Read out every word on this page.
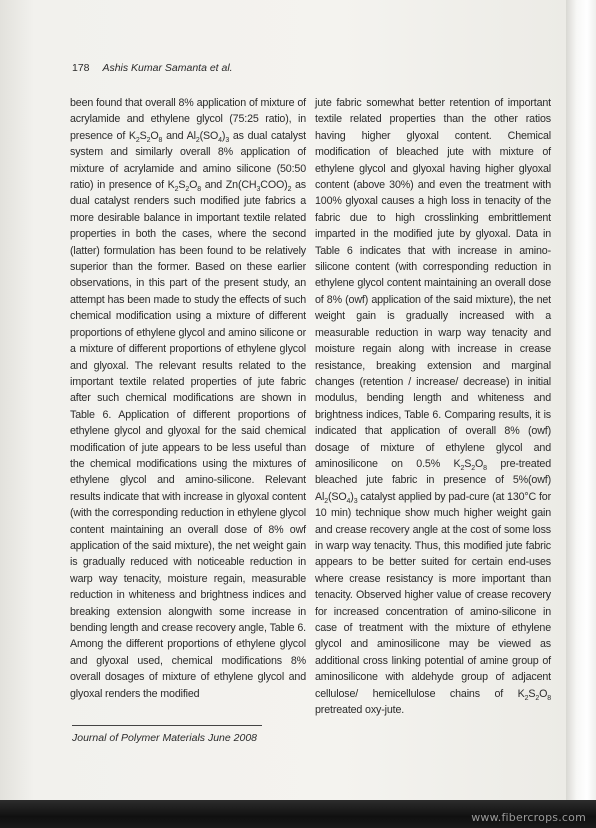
www.fibercrops.com
178 Ashis Kumar Samanta et al.
been found that overall 8% application of mixture of acrylamide and ethylene glycol (75:25 ratio), in presence of $K_2S_2O_8$ and $Al_2(SO_4)_3$ as dual catalyst system and similarly overall 8% application of mixture of acrylamide and amino silicone (50:50 ratio) in presence of $K_2S_2O_8$ and $Zn(CH_3COO)_2$ as dual catalyst renders such modified jute fabrics a more desirable balance in important textile related properties in both the cases, where the second (latter) formulation has been found to be relatively superior than the former. Based on these earlier observations, in this part of the present study, an attempt has been made to study the effects of such chemical modification using a mixture of different proportions of ethylene glycol and amino silicone or a mixture of different proportions of ethylene glycol and glyoxal. The relevant results related to the important textile related properties of jute fabric after such chemical modifications are shown in Table 6. Application of different proportions of ethylene glycol and glyoxal for the said chemical modification of jute appears to be less useful than the chemical modifications using the mixtures of ethylene glycol and amino-silicone. Relevant results indicate that with increase in glyoxal content (with the corresponding reduction in ethylene glycol content maintaining an overall dose of 8% owf application of the said mixture), the net weight gain is gradually reduced with noticeable reduction in warp way tenacity, moisture regain, measurable reduction in whiteness and brightness indices and breaking extension alongwith some increase in bending length and crease recovery angle, Table 6. Among the different proportions of ethylene glycol and glyoxal used, chemical modifications 8% overall dosages of mixture of ethylene glycol and glyoxal renders the modified
jute fabric somewhat better retention of important textile related properties than the other ratios having higher glyoxal content. Chemical modification of bleached jute with mixture of ethylene glycol and glyoxal having higher glyoxal content (above 30%) and even the treatment with 100% glyoxal causes a high loss in tenacity of the fabric due to high crosslinking embrittlement imparted in the modified jute by glyoxal. Data in Table 6 indicates that with increase in amino- silicone content (with corresponding reduction in ethylene glycol content maintaining an overall dose of 8% (owf) application of the said mixture), the net weight gain is gradually increased with a measurable reduction in warp way tenacity and moisture regain along with increase in crease resistance, breaking extension and marginal changes (retention / increase/ decrease) in initial modulus, bending length and whiteness and brightness indices, Table 6. Comparing results, it is indicated that application of overall 8% (owf) dosage of mixture of ethylene glycol and aminosilicone on 0.5% $K_2S_2O_8$ pre-treated bleached jute fabric in presence of 5%(owf) $Al_2(SO_4)_3$ catalyst applied by pad-cure (at 130°C for 10 min) technique show much higher weight gain and crease recovery angle at the cost of some loss in warp way tenacity. Thus, this modified jute fabric appears to be better suited for certain end-uses where crease resistancy is more important than tenacity. Observed higher value of crease recovery for increased concentration of amino-silicone in case of treatment with the mixture of ethylene glycol and aminosilicone may be viewed as additional cross linking potential of amine group of aminosilicone with aldehyde group of adjacent cellulose/ hemicellulose chains of $K_2S_2O_8$ pretreated oxy-jute.
Journal of Polymer Materials June 2008
